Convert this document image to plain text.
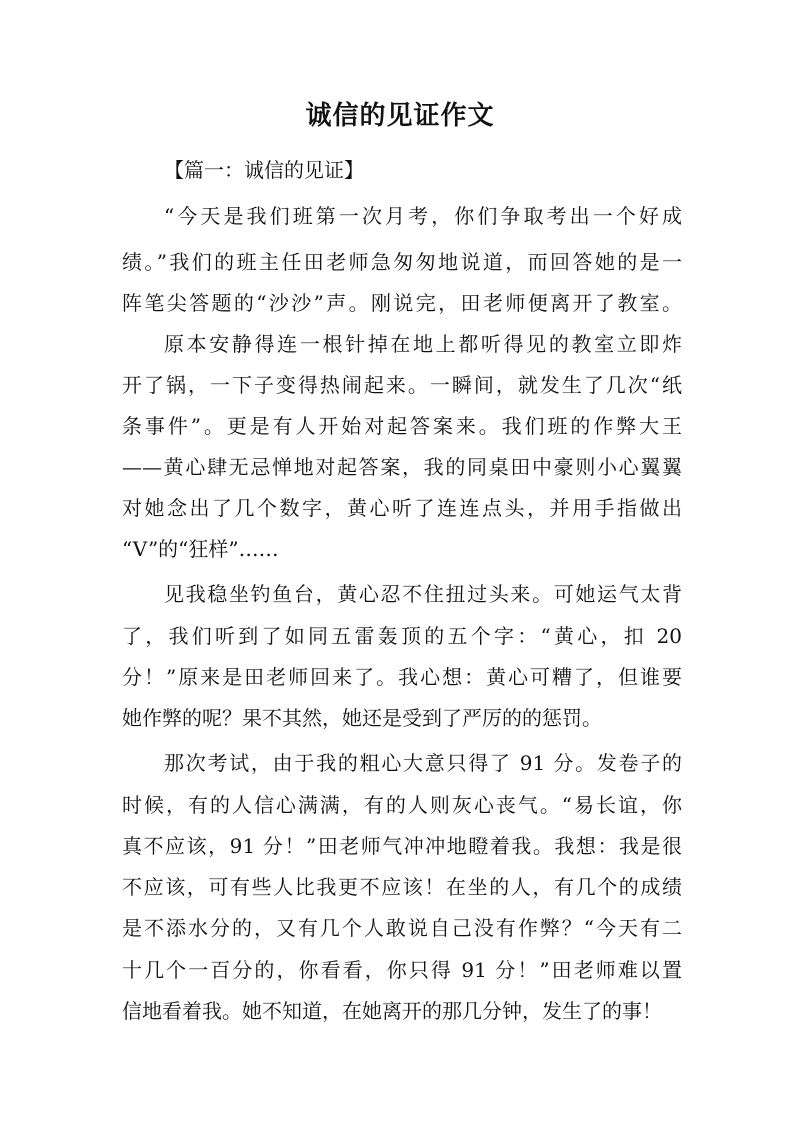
诚信的见证作文
【篇一：诚信的见证】
“今天是我们班第一次月考，你们争取考出一个好成
绩。”我们的班主任田老师急匆匆地说道，而回答她的是一
阵笔尖答题的“沙沙”声。刚说完，田老师便离开了教室。
原本安静得连一根针掉在地上都听得见的教室立即炸
开了锅，一下子变得热闹起来。一瞬间，就发生了几次“纸
条事件”。更是有人开始对起答案来。我们班的作弊大王
——黄心肆无忌惮地对起答案，我的同桌田中豪则小心翼翼
对她念出了几个数字，黄心听了连连点头，并用手指做出
“V”的“狂样”……
见我稳坐钓鱼台，黄心忍不住扭过头来。可她运气太背
了，我们听到了如同五雷轰顶的五个字：“黄心，扣 20
分！”原来是田老师回来了。我心想：黄心可糟了，但谁要
她作弊的呢？果不其然，她还是受到了严厉的的惩罚。
那次考试，由于我的粗心大意只得了 91 分。发卷子的
时候，有的人信心满满，有的人则灰心丧气。“易长谊，你
真不应该，91 分！”田老师气冲冲地瞪着我。我想：我是很
不应该，可有些人比我更不应该！在坐的人，有几个的成绩
是不添水分的，又有几个人敢说自己没有作弊？“今天有二
十几个一百分的，你看看，你只得 91 分！”田老师难以置
信地看着我。她不知道，在她离开的那几分钟，发生了的事！
